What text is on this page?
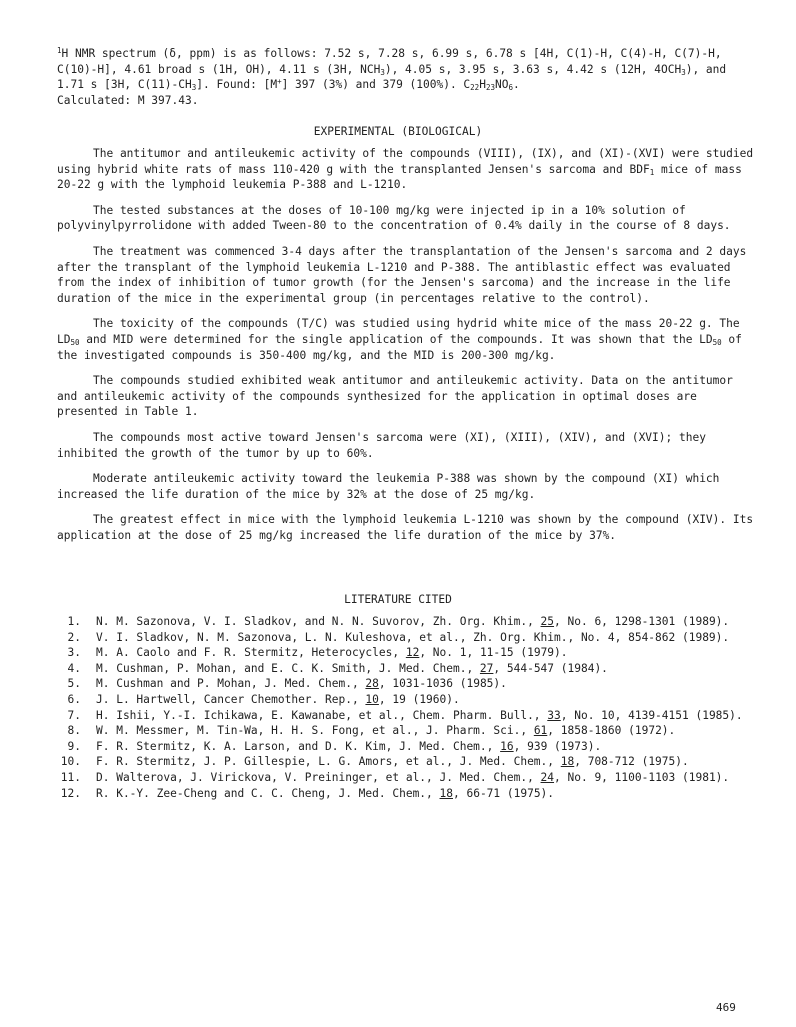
$^1$H NMR spectrum (δ, ppm) is as follows: 7.52 s, 7.28 s, 6.99 s, 6.78 s [4H, C(1)-H, C(4)-H, C(7)-H, C(10)-H], 4.61 broad s (1H, OH), 4.11 s (3H, $NCH_3$), 4.05 s, 3.95 s, 3.63 s, 4.42 s (12H, $4OCH_3$), and 1.71 s [3H, $C(11)-CH_3$]. Found: [M+] 397 (3%) and 379 (100%). $C_{22}H_{23}NO_6$.

Calculated: M 397.43.

EXPERIMENTAL (BIOLOGICAL)

The antitumor and antileukemic activity of the compounds (VIII), (IX), and (XI)-(XVI) were studied using hybrid white rats of mass 110-420 g with the transplanted Jensen's sarcoma and $BDF_1$ mice of mass 20-22 g with the lymphoid leukemia P-388 and L-1210.

The tested substances at the doses of 10-100 mg/kg were injected ip in a 10% solution of polyvinylpyrrolidone with added Tween-80 to the concentration of 0.4% daily in the course of 8 days.

The treatment was commenced 3-4 days after the transplantation of the Jensen's sarcoma and 2 days after the transplant of the lymphoid leukemia L-1210 and P-388. The antiblastic effect was evaluated from the index of inhibition of tumor growth (for the Jensen's sarcoma) and the increase in the life duration of the mice in the experimental group (in percentages relative to the control).

The toxicity of the compounds (T/C) was studied using hydrid white mice of the mass 20-22 g. The $LD_{50}$ and MID were determined for the single application of the compounds. It was shown that the $LD_{50}$ of the investigated compounds is 350-400 mg/kg, and the MID is 200-300 mg/kg.

The compounds studied exhibited weak antitumor and antileukemic activity. Data on the antitumor and antileukemic activity of the compounds synthesized for the application in optimal doses are presented in Table 1.

The compounds most active toward Jensen's sarcoma were (XI), (XIII), (XIV), and (XVI); they inhibited the growth of the tumor by up to 60%.

Moderate antileukemic activity toward the leukemia P-388 was shown by the compound (XI) which increased the life duration of the mice by 32% at the dose of 25 mg/kg.

The greatest effect in mice with the lymphoid leukemia L-1210 was shown by the compound (XIV). Its application at the dose of 25 mg/kg increased the life duration of the mice by 37%.

LITERATURE CITED
1. N. M. Sazonova, V. I. Sladkov, and N. N. Suvorov, Zh. Org. Khim., 25, No. 6, 1298-1301 (1989).
2. V. I. Sladkov, N. M. Sazonova, L. N. Kuleshova, et al., Zh. Org. Khim., No. 4, 854-862 (1989).
3. M. A. Caolo and F. R. Stermitz, Heterocycles, 12, No. 1, 11-15 (1979).
4. M. Cushman, P. Mohan, and E. C. K. Smith, J. Med. Chem., 27, 544-547 (1984).
5. M. Cushman and P. Mohan, J. Med. Chem., 28, 1031-1036 (1985).
6. J. L. Hartwell, Cancer Chemother. Rep., 10, 19 (1960).
7. H. Ishii, Y.-I. Ichikawa, E. Kawanabe, et al., Chem. Pharm. Bull., 33, No. 10, 4139-4151 (1985).
8. W. M. Messmer, M. Tin-Wa, H. H. S. Fong, et al., J. Pharm. Sci., 61, 1858-1860 (1972).
9. F. R. Stermitz, K. A. Larson, and D. K. Kim, J. Med. Chem., 16, 939 (1973).
10. F. R. Stermitz, J. P. Gillespie, L. G. Amors, et al., J. Med. Chem., 18, 708-712 (1975).
11. D. Walterova, J. Virickova, V. Preininger, et al., J. Med. Chem., 24, No. 9, 1100-1103 (1981).
12. R. K.-Y. Zee-Cheng and C. C. Cheng, J. Med. Chem., 18, 66-71 (1975).
469
